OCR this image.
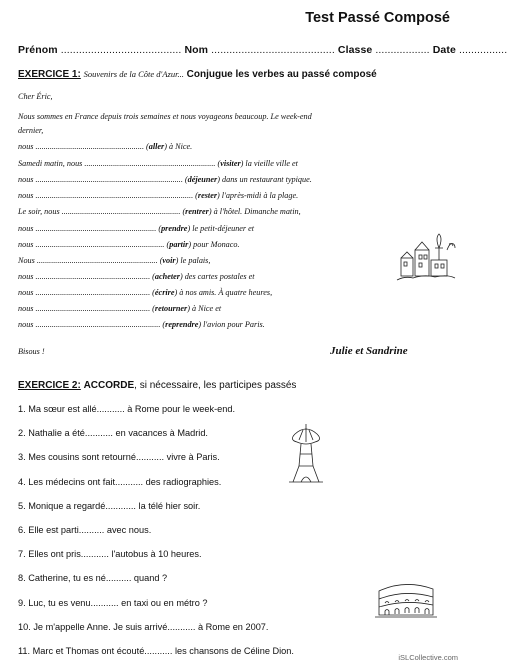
Test Passé Composé
Prénom ........................................ Nom ......................................... Classe .................. Date ................
EXERCICE 1: Souvenirs de la Côte d'Azur... Conjugue les verbes au passé composé
Cher Éric,
Nous sommes en France depuis trois semaines et nous voyageons beaucoup. Le week-end
dernier,
nous ..................................................... (aller) à Nice.
Samedi matin, nous ................................................................ (visiter) la vieille ville et
nous ........................................................................ (déjeuner) dans un restaurant typique.
nous ............................................................................. (rester) l'après-midi à la plage.
Le soir, nous .......................................................... (rentrer) à l'hôtel. Dimanche matin,
nous ........................................................... (prendre) le petit-déjeuner et
nous ............................................................... (partir) pour Monaco.
Nous ........................................................... (voir) le palais,
nous ........................................................ (acheter) des cartes postales et
nous ........................................................ (écrire) à nos amis. À quatre heures,
nous ........................................................ (retourner) à Nice et
nous ............................................................. (reprendre) l'avion pour Paris.
Bisous !	Julie et Sandrine
EXERCICE 2: ACCORDE, si nécessaire, les participes passés
1. Ma sœur est allé........... à Rome pour le week-end.
2. Nathalie a été........... en vacances à Madrid.
3. Mes cousins sont retourné........... vivre à Paris.
4. Les médecins ont fait........... des radiographies.
5. Monique a regardé............ la télé hier soir.
6. Elle est parti.......... avec nous.
7. Elles ont pris........... l'autobus à 10 heures.
8. Catherine, tu es né.......... quand ?
9. Luc, tu es venu........... en taxi ou en métro ?
10. Je m'appelle Anne. Je suis arrivé........... à Rome en 2007.
11. Marc et Thomas ont écouté........... les chansons de Céline Dion.
iSLCollective.com
